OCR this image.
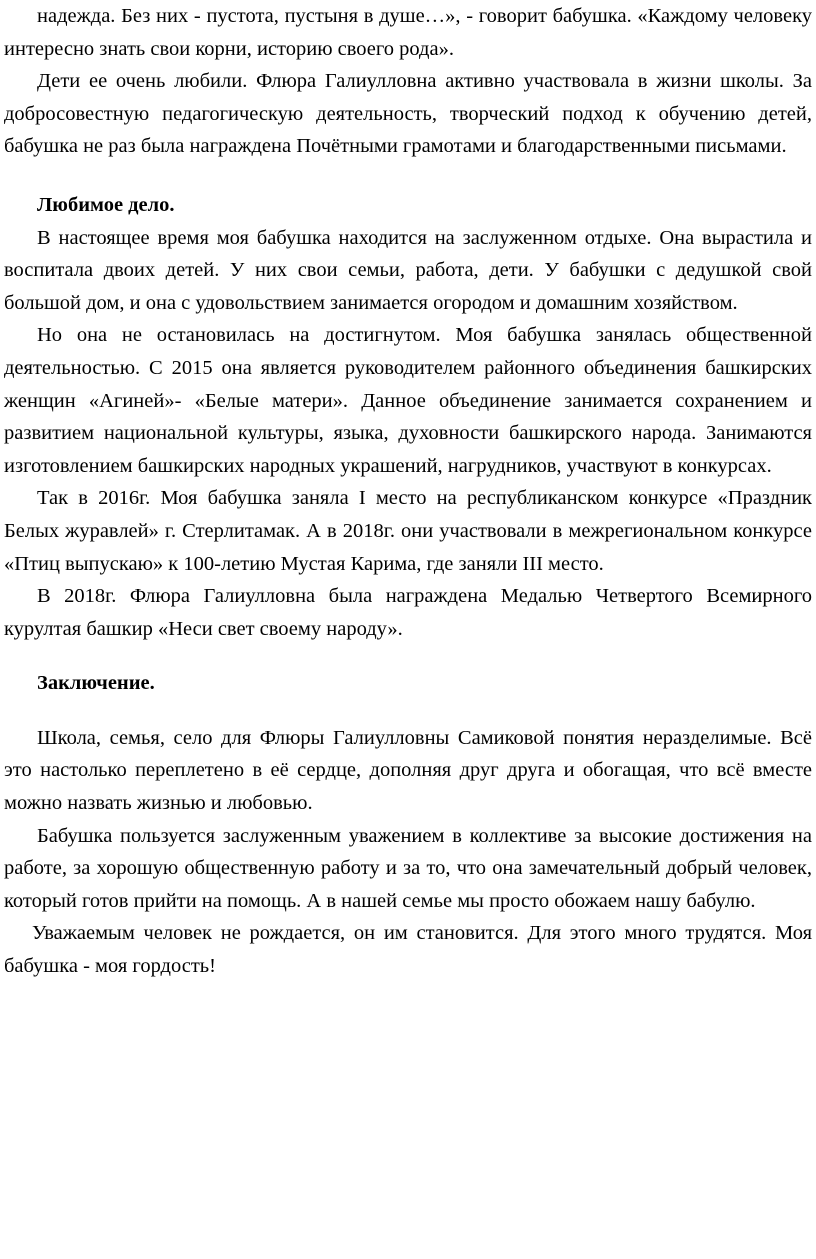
надежда. Без них - пустота, пустыня в душе…», - говорит бабушка. «Каждому человеку интересно знать свои корни, историю своего рода».

Дети ее очень любили. Флюра Галиулловна активно участвовала в жизни школы. За добросовестную педагогическую деятельность, творческий подход к обучению детей, бабушка не раз была награждена Почётными грамотами и благодарственными письмами.

Любимое дело.

В настоящее время моя бабушка находится на заслуженном отдыхе. Она вырастила и воспитала двоих детей. У них свои семьи, работа, дети. У бабушки с дедушкой свой большой дом, и она с удовольствием занимается огородом и домашним хозяйством.

Но она не остановилась на достигнутом. Моя бабушка занялась общественной деятельностью. С 2015 она является руководителем районного объединения башкирских женщин «Агиней»- «Белые матери». Данное объединение занимается сохранением и развитием национальной культуры, языка, духовности башкирского народа. Занимаются изготовлением башкирских народных украшений, нагрудников, участвуют в конкурсах.

Так в 2016г. Моя бабушка заняла I место на республиканском конкурсе «Праздник Белых журавлей» г. Стерлитамак. А в 2018г. они участвовали в межрегиональном конкурсе «Птиц выпускаю» к 100-летию Мустая Карима, где заняли III место.

В 2018г. Флюра Галиулловна была награждена Медалью Четвертого Всемирного курултая башкир «Неси свет своему народу».

Заключение.

Школа, семья, село для Флюры Галиулловны Самиковой понятия неразделимые. Всё это настолько переплетено в её сердце, дополняя друг друга и обогащая, что всё вместе можно назвать жизнью и любовью.

Бабушка пользуется заслуженным уважением в коллективе за высокие достижения на работе, за хорошую общественную работу и за то, что она замечательный добрый человек, который готов прийти на помощь. А в нашей семье мы просто обожаем нашу бабулю.

Уважаемым человек не рождается, он им становится. Для этого много трудятся. Моя бабушка - моя гордость!
